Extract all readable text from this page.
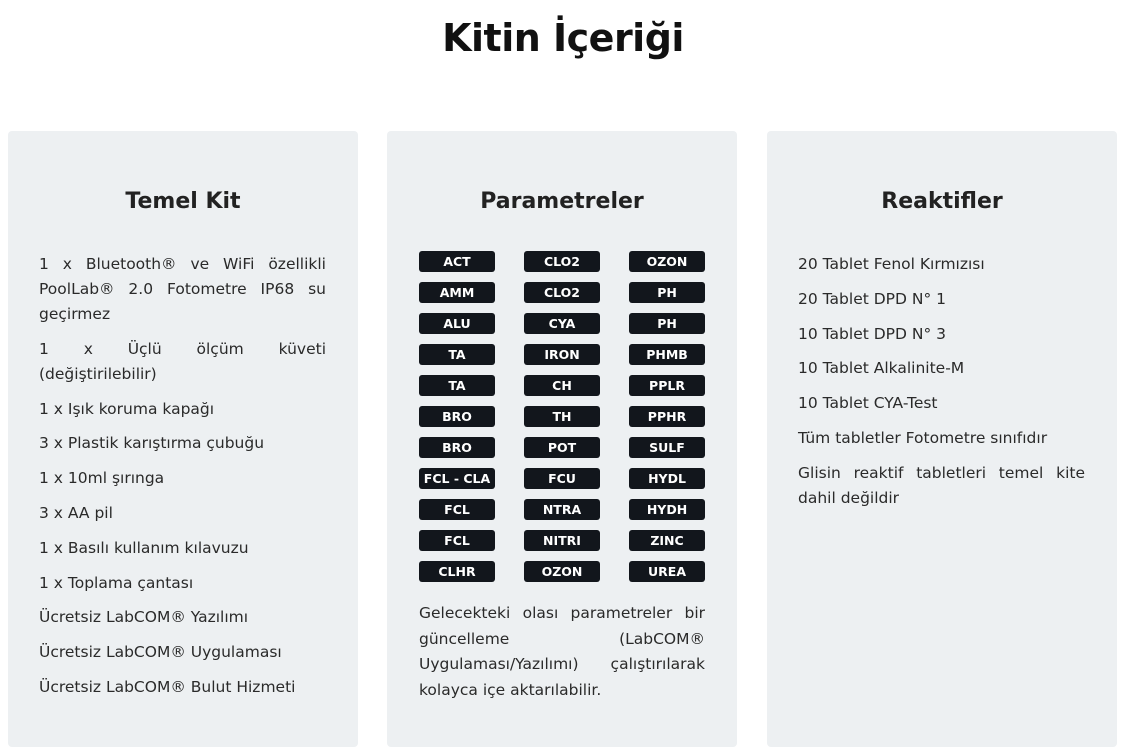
Kitin İçeriği
Temel Kit
1 x Bluetooth® ve WiFi özellikli PoolLab® 2.0 Fotometre IP68 su geçirmez
1 x Üçlü ölçüm küveti (değiştirilebilir)
1 x Işık koruma kapağı
3 x Plastik karıştırma çubuğu
1 x 10ml şırınga
3 x AA pil
1 x Basılı kullanım kılavuzu
1 x Toplama çantası
Ücretsiz LabCOM® Yazılımı
Ücretsiz LabCOM® Uygulaması
Ücretsiz LabCOM® Bulut Hizmeti
Parametreler
ACT	CLO2	OZON
AMM	CLO2	PH
ALU	CYA	PH
TA	IRON	PHMB
TA	CH	PPLR
BRO	TH	PPHR
BRO	POT	SULF
FCL - CLA	FCU	HYDL
FCL	NTRA	HYDH
FCL	NITRI	ZINC
CLHR	OZON	UREA

Gelecekteki olası parametreler bir güncelleme (LabCOM® Uygulaması/Yazılımı) çalıştırılarak kolayca içe aktarılabilir.

Reaktifler
20 Tablet Fenol Kırmızısı
20 Tablet DPD N° 1
10 Tablet DPD N° 3
10 Tablet Alkalinite-M
10 Tablet CYA-Test
Tüm tabletler Fotometre sınıfıdır
Glisin reaktif tabletleri temel kite dahil değildir
